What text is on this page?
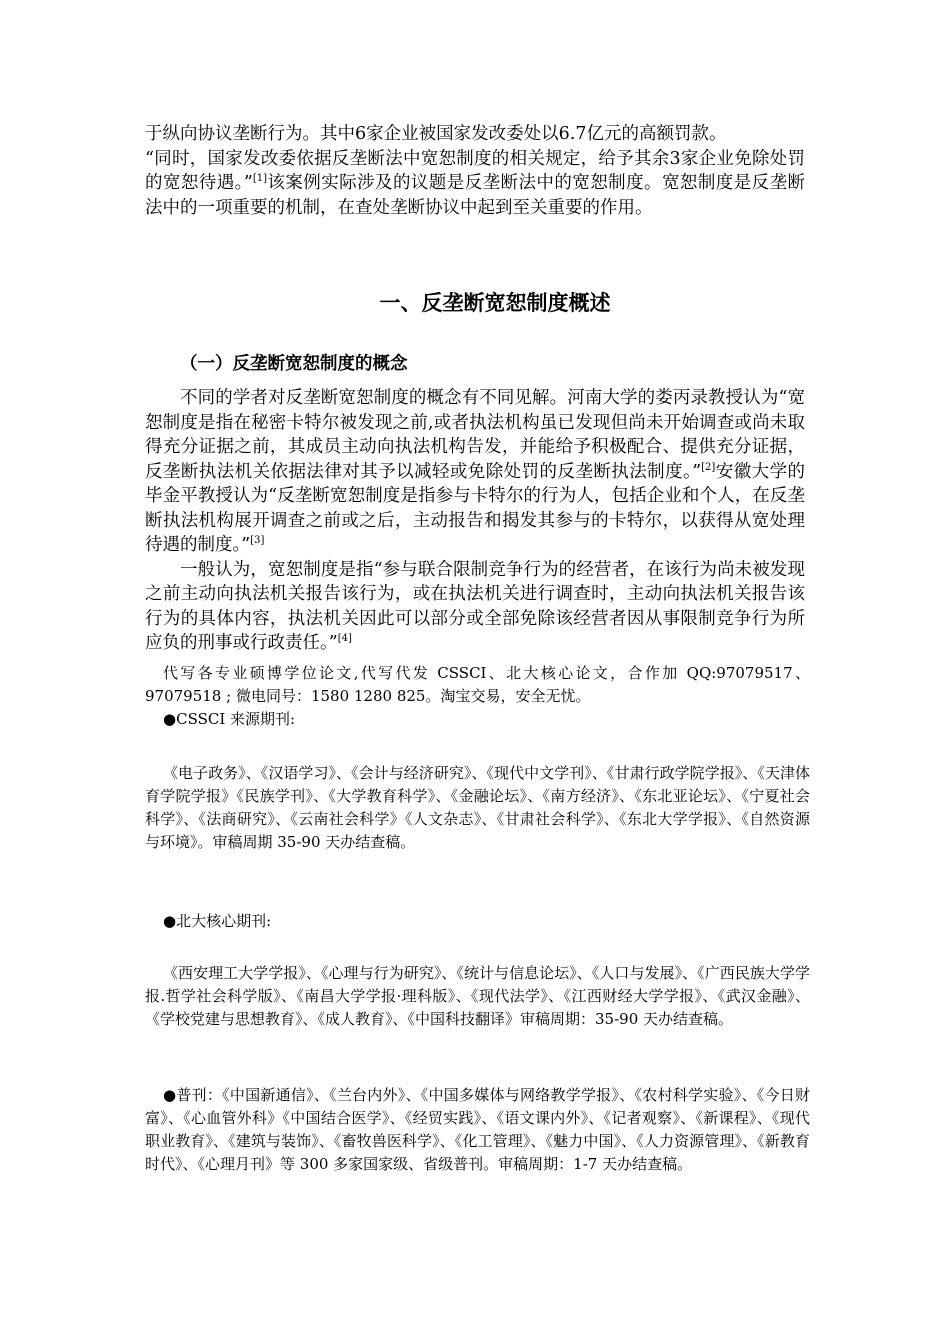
于纵向协议垄断行为。其中6家企业被国家发改委处以6.7亿元的高额罚款。
“同时，国家发改委依据反垄断法中宽恕制度的相关规定，给予其余3家企业免除处罚的宽恕待遇。”[1]该案例实际涉及的议题是反垄断法中的宽恕制度。宽恕制度是反垄断法中的一项重要的机制，在查处垄断协议中起到至关重要的作用。

一、反垄断宽恕制度概述
（一）反垄断宽恕制度的概念

不同的学者对反垄断宽恕制度的概念有不同见解。河南大学的娄丙录教授认为“宽恕制度是指在秘密卡特尔被发现之前,或者执法机构虽已发现但尚未开始调查或尚未取得充分证据之前，其成员主动向执法机构告发，并能给予积极配合、提供充分证据，反垄断执法机关依据法律对其予以减轻或免除处罚的反垄断执法制度。”[2]安徽大学的毕金平教授认为“反垄断宽恕制度是指参与卡特尔的行为人，包括企业和个人，在反垄断执法机构展开调查之前或之后，主动报告和揭发其参与的卡特尔，以获得从宽处理待遇的制度。”[3]

一般认为，宽恕制度是指“参与联合限制竞争行为的经营者，在该行为尚未被发现之前主动向执法机关报告该行为，或在执法机关进行调查时，主动向执法机关报告该行为的具体内容，执法机关因此可以部分或全部免除该经营者因从事限制竞争行为所应负的刑事或行政责任。”[4]

代写各专业硕博学位论文,代写代发 CSSCI、北大核心论文，合作加 QQ:97079517、97079518 ; 微电同号：1580 1280 825。淘宝交易，安全无忧。

●CSSCI 来源期刊:

《电子政务》、《汉语学习》、《会计与经济研究》、《现代中文学刊》、《甘肃行政学院学报》、《天津体育学院学报》《民族学刊》、《大学教育科学》、《金融论坛》、《南方经济》、《东北亚论坛》、《宁夏社会科学》、《法商研究》、《云南社会科学》《人文杂志》、《甘肃社会科学》、《东北大学学报》、《自然资源与环境》。审稿周期 35-90 天办结查稿。

●北大核心期刊:

《西安理工大学学报》、《心理与行为研究》、《统计与信息论坛》、《人口与发展》、《广西民族大学学报.哲学社会科学版》、《南昌大学学报·理科版》、《现代法学》、《江西财经大学学报》、《武汉金融》、《学校党建与思想教育》、《成人教育》、《中国科技翻译》审稿周期：35-90 天办结查稿。

●普刊：《中国新通信》、《兰台内外》、《中国多媒体与网络教学学报》、《农村科学实验》、《今日财富》、《心血管外科》《中国结合医学》、《经贸实践》、《语文课内外》、《记者观察》、《新课程》、《现代职业教育》、《建筑与装饰》、《畜牧兽医科学》、《化工管理》、《魅力中国》、《人力资源管理》、《新教育时代》、《心理月刊》等 300 多家国家级、省级普刊。审稿周期：1-7 天办结查稿。
